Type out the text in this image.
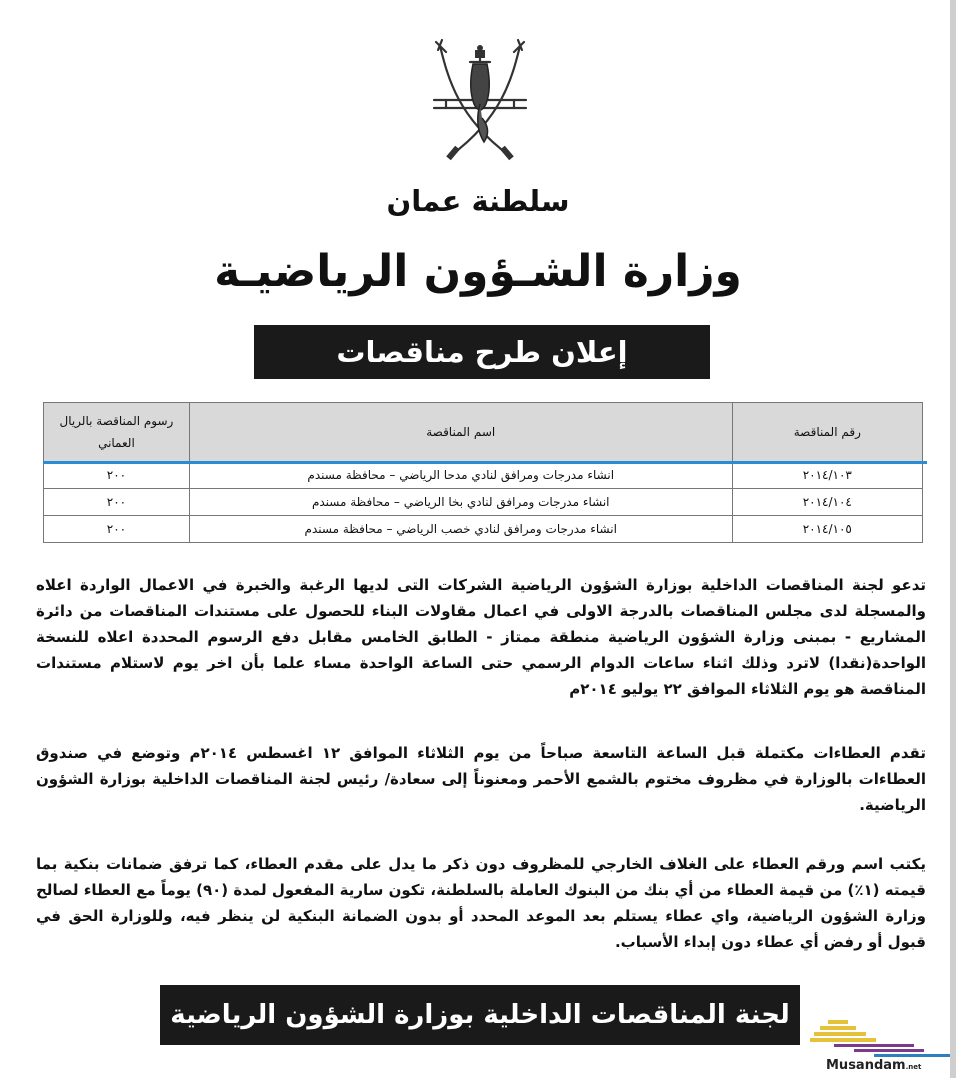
سلطنة عمان
وزارة الشـؤون الرياضيـة
إعلان طرح مناقصات
رقم المناقصة	اسم المناقصة	رسوم المناقصة بالريال العماني
٢٠١٤/١٠٣	انشاء مدرجات ومرافق لنادي مدحا الرياضي – محافظة مسندم	٢٠٠
٢٠١٤/١٠٤	انشاء مدرجات ومرافق لنادي بخا الرياضي – محافظة مسندم	٢٠٠
٢٠١٤/١٠٥	انشاء مدرجات ومرافق لنادي خصب الرياضي – محافظة مسندم	٢٠٠

تدعو لجنة المناقصات الداخلية بوزارة الشؤون الرياضية الشركات التى لديها الرغبة والخبرة في الاعمال الواردة اعلاه والمسجلة لدى مجلس المناقصات بالدرجة الاولى في اعمال مقاولات البناء للحصول على مستندات المناقصات من دائرة المشاريع - بمبنى وزارة الشؤون الرياضية منطقة ممتاز - الطابق الخامس مقابل دفع الرسوم المحددة اعلاه للنسخة الواحدة(نقدا) لاترد وذلك اثناء ساعات الدوام الرسمي حتى الساعة الواحدة مساء علما بأن اخر يوم لاستلام مستندات المناقصة هو يوم الثلاثاء الموافق ٢٢ يوليو ٢٠١٤م

تقدم العطاءات مكتملة قبل الساعة التاسعة صباحاً من يوم الثلاثاء الموافق ١٢ اغسطس ٢٠١٤م وتوضع في صندوق العطاءات بالوزارة في مظروف مختوم بالشمع الأحمر ومعنوناً إلى سعادة/ رئيس لجنة المناقصات الداخلية بوزارة الشؤون الرياضية.

يكتب اسم ورقم العطاء على الغلاف الخارجي للمظروف دون ذكر ما يدل على مقدم العطاء، كما ترفق ضمانات بنكية بما قيمته (١٪) من قيمة العطاء من أي بنك من البنوك العاملة بالسلطنة، تكون سارية المفعول لمدة (٩٠) يوماً مع العطاء لصالح وزارة الشؤون الرياضية، واي عطاء يستلم بعد الموعد المحدد أو بدون الضمانة البنكية لن ينظر فيه، وللوزارة الحق في قبول أو رفض أي عطاء دون إبداء الأسباب.

لجنة المناقصات الداخلية بوزارة الشؤون الرياضية
Musandam.net
